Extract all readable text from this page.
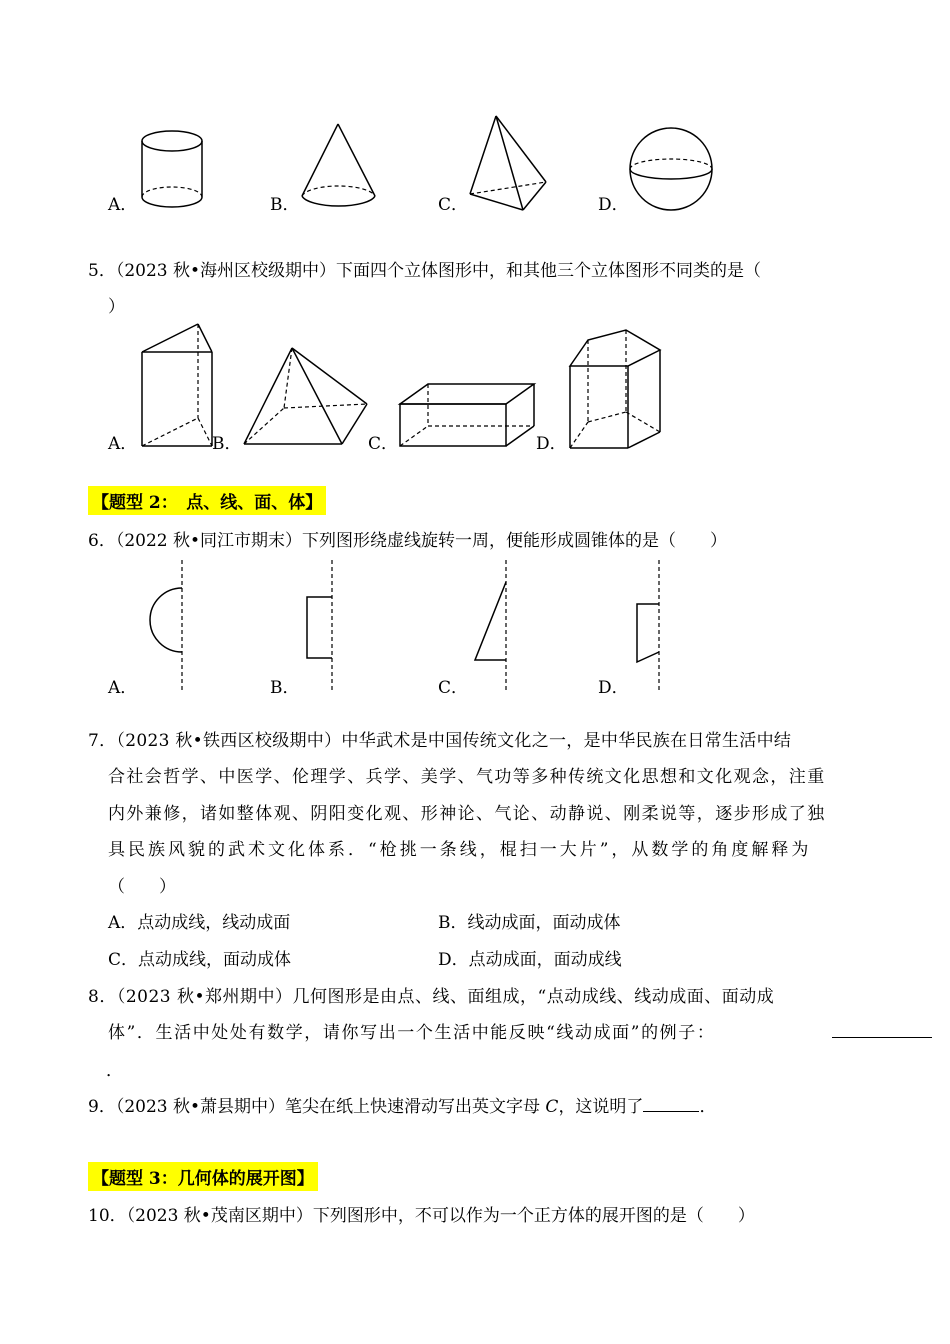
A．	B．	C．	D．
5．（2023 秋•海州区校级期中）下面四个立体图形中，和其他三个立体图形不同类的是（
）
A．	B．	C．	D．
【题型 2：　点、线、面、体】
6．（2022 秋•同江市期末）下列图形绕虚线旋转一周，便能形成圆锥体的是（　　）
A．	B．	C．	D．
7．（2023 秋•铁西区校级期中）中华武术是中国传统文化之一，是中华民族在日常生活中结
合社会哲学、中医学、伦理学、兵学、美学、气功等多种传统文化思想和文化观念，注重
内外兼修，诸如整体观、阴阳变化观、形神论、气论、动静说、刚柔说等，逐步形成了独
具民族风貌的武术文化体系．“枪挑一条线，棍扫一大片”，从数学的角度解释为
（　　）
A．点动成线，线动成面	B．线动成面，面动成体
C．点动成线，面动成体	D．点动成面，面动成线
8．（2023 秋•郑州期中）几何图形是由点、线、面组成，“点动成线、线动成面、面动成
体”．生活中处处有数学，请你写出一个生活中能反映“线动成面”的例子：
．
9．（2023 秋•萧县期中）笔尖在纸上快速滑动写出英文字母 C，这说明了	．
【题型 3：几何体的展开图】
10．（2023 秋•茂南区期中）下列图形中，不可以作为一个正方体的展开图的是（　　）
